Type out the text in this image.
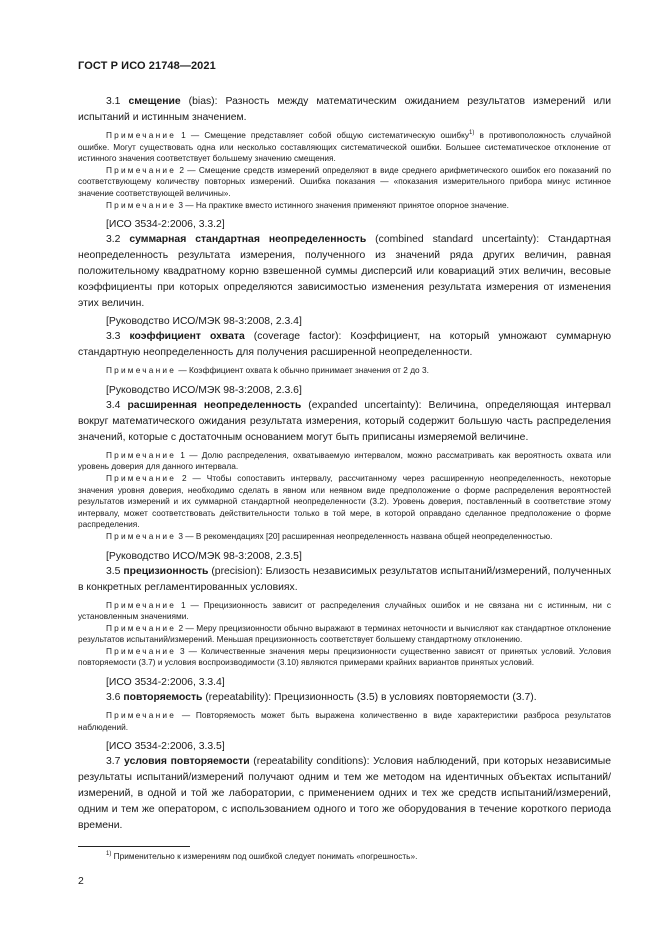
ГОСТ Р ИСО 21748—2021

3.1 смещение (bias): Разность между математическим ожиданием результатов измерений или испытаний и истинным значением.

Примечание 1 — Смещение представляет собой общую систематическую ошибку$^{1)}$ в противоположность случайной ошибке. Могут существовать одна или несколько составляющих систематической ошибки. Большее систематическое отклонение от истинного значения соответствует большему значению смещения.

Примечание 2 — Смещение средств измерений определяют в виде среднего арифметического ошибок его показаний по соответствующему количеству повторных измерений. Ошибка показания — «показания измерительного прибора минус истинное значение соответствующей величины».

Примечание 3 — На практике вместо истинного значения применяют принятое опорное значение.

[ИСО 3534-2:2006, 3.3.2]

3.2 суммарная стандартная неопределенность (combined standard uncertainty): Стандартная неопределенность результата измерения, полученного из значений ряда других величин, равная положительному квадратному корню взвешенной суммы дисперсий или ковариаций этих величин, весовые коэффициенты при которых определяются зависимостью изменения результата измерения от изменения этих величин.

[Руководство ИСО/МЭК 98-3:2008, 2.3.4]

3.3 коэффициент охвата (coverage factor): Коэффициент, на который умножают суммарную стандартную неопределенность для получения расширенной неопределенности.

Примечание — Коэффициент охвата k обычно принимает значения от 2 до 3.

[Руководство ИСО/МЭК 98-3:2008, 2.3.6]

3.4 расширенная неопределенность (expanded uncertainty): Величина, определяющая интервал вокруг математического ожидания результата измерения, который содержит большую часть распределения значений, которые с достаточным основанием могут быть приписаны измеряемой величине.

Примечание 1 — Долю распределения, охватываемую интервалом, можно рассматривать как вероятность охвата или уровень доверия для данного интервала.

Примечание 2 — Чтобы сопоставить интервалу, рассчитанному через расширенную неопределенность, некоторые значения уровня доверия, необходимо сделать в явном или неявном виде предположение о форме распределения вероятностей результатов измерений и их суммарной стандартной неопределенности (3.2). Уровень доверия, поставленный в соответствие этому интервалу, может соответствовать действительности только в той мере, в которой оправдано сделанное предположение о форме распределения.

Примечание 3 — В рекомендациях [20] расширенная неопределенность названа общей неопределенностью.

[Руководство ИСО/МЭК 98-3:2008, 2.3.5]

3.5 прецизионность (precision): Близость независимых результатов испытаний/измерений, полученных в конкретных регламентированных условиях.

Примечание 1 — Прецизионность зависит от распределения случайных ошибок и не связана ни с истинным, ни с установленным значениями.

Примечание 2 — Меру прецизионности обычно выражают в терминах неточности и вычисляют как стандартное отклонение результатов испытаний/измерений. Меньшая прецизионность соответствует большему стандартному отклонению.

Примечание 3 — Количественные значения меры прецизионности существенно зависят от принятых условий. Условия повторяемости (3.7) и условия воспроизводимости (3.10) являются примерами крайних вариантов принятых условий.

[ИСО 3534-2:2006, 3.3.4]

3.6 повторяемость (repeatability): Прецизионность (3.5) в условиях повторяемости (3.7).

Примечание — Повторяемость может быть выражена количественно в виде характеристики разброса результатов наблюдений.

[ИСО 3534-2:2006, 3.3.5]

3.7 условия повторяемости (repeatability conditions): Условия наблюдений, при которых независимые результаты испытаний/измерений получают одним и тем же методом на идентичных объектах испытаний/измерений, в одной и той же лаборатории, с применением одних и тех же средств испытаний/измерений, одним и тем же оператором, с использованием одного и того же оборудования в течение короткого периода времени.

$^{1)}$ Применительно к измерениям под ошибкой следует понимать «погрешность».

2
